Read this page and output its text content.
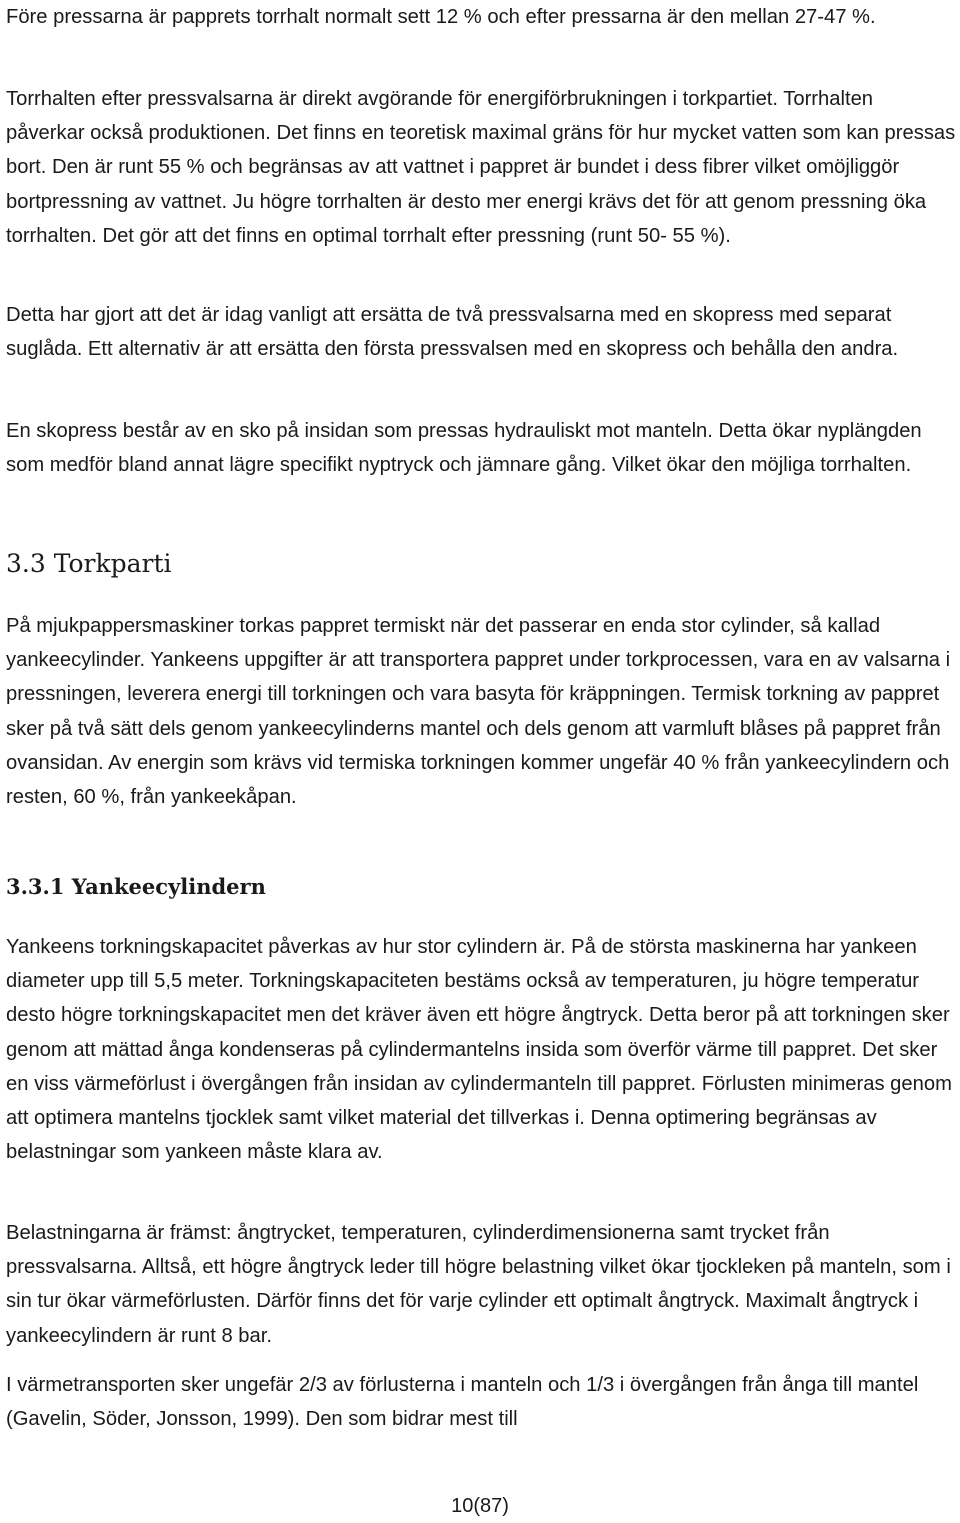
Före pressarna är papprets torrhalt normalt sett 12 % och efter pressarna är den mellan 27-47 %.

Torrhalten efter pressvalsarna är direkt avgörande för energiförbrukningen i torkpartiet. Torrhalten påverkar också produktionen. Det finns en teoretisk maximal gräns för hur mycket vatten som kan pressas bort. Den är runt 55 % och begränsas av att vattnet i pappret är bundet i dess fibrer vilket omöjliggör bortpressning av vattnet. Ju högre torrhalten är desto mer energi krävs det för att genom pressning öka torrhalten. Det gör att det finns en optimal torrhalt efter pressning (runt 50- 55 %).

Detta har gjort att det är idag vanligt att ersätta de två pressvalsarna med en skopress med separat suglåda. Ett alternativ är att ersätta den första pressvalsen med en skopress och behålla den andra.

En skopress består av en sko på insidan som pressas hydrauliskt mot manteln. Detta ökar nyplängden som medför bland annat lägre specifikt nyptryck och jämnare gång. Vilket ökar den möjliga torrhalten.

3.3 Torkparti

På mjukpappersmaskiner torkas pappret termiskt när det passerar en enda stor cylinder, så kallad yankeecylinder. Yankeens uppgifter är att transportera pappret under torkprocessen, vara en av valsarna i pressningen, leverera energi till torkningen och vara basyta för kräppningen. Termisk torkning av pappret sker på två sätt dels genom yankeecylinderns mantel och dels genom att varmluft blåses på pappret från ovansidan. Av energin som krävs vid termiska torkningen kommer ungefär 40 % från yankeecylindern och resten, 60 %, från yankeekåpan.

3.3.1 Yankeecylindern

Yankeens torkningskapacitet påverkas av hur stor cylindern är. På de största maskinerna har yankeen diameter upp till 5,5 meter. Torkningskapaciteten bestäms också av temperaturen, ju högre temperatur desto högre torkningskapacitet men det kräver även ett högre ångtryck. Detta beror på att torkningen sker genom att mättad ånga kondenseras på cylindermantelns insida som överför värme till pappret. Det sker en viss värmeförlust i övergången från insidan av cylindermanteln till pappret. Förlusten minimeras genom att optimera mantelns tjocklek samt vilket material det tillverkas i. Denna optimering begränsas av belastningar som yankeen måste klara av.

Belastningarna är främst: ångtrycket, temperaturen, cylinderdimensionerna samt trycket från pressvalsarna. Alltså, ett högre ångtryck leder till högre belastning vilket ökar tjockleken på manteln, som i sin tur ökar värmeförlusten. Därför finns det för varje cylinder ett optimalt ångtryck. Maximalt ångtryck i yankeecylindern är runt 8 bar.

I värmetransporten sker ungefär 2/3 av förlusterna i manteln och 1/3 i övergången från ånga till mantel (Gavelin, Söder, Jonsson, 1999). Den som bidrar mest till

10(87)
